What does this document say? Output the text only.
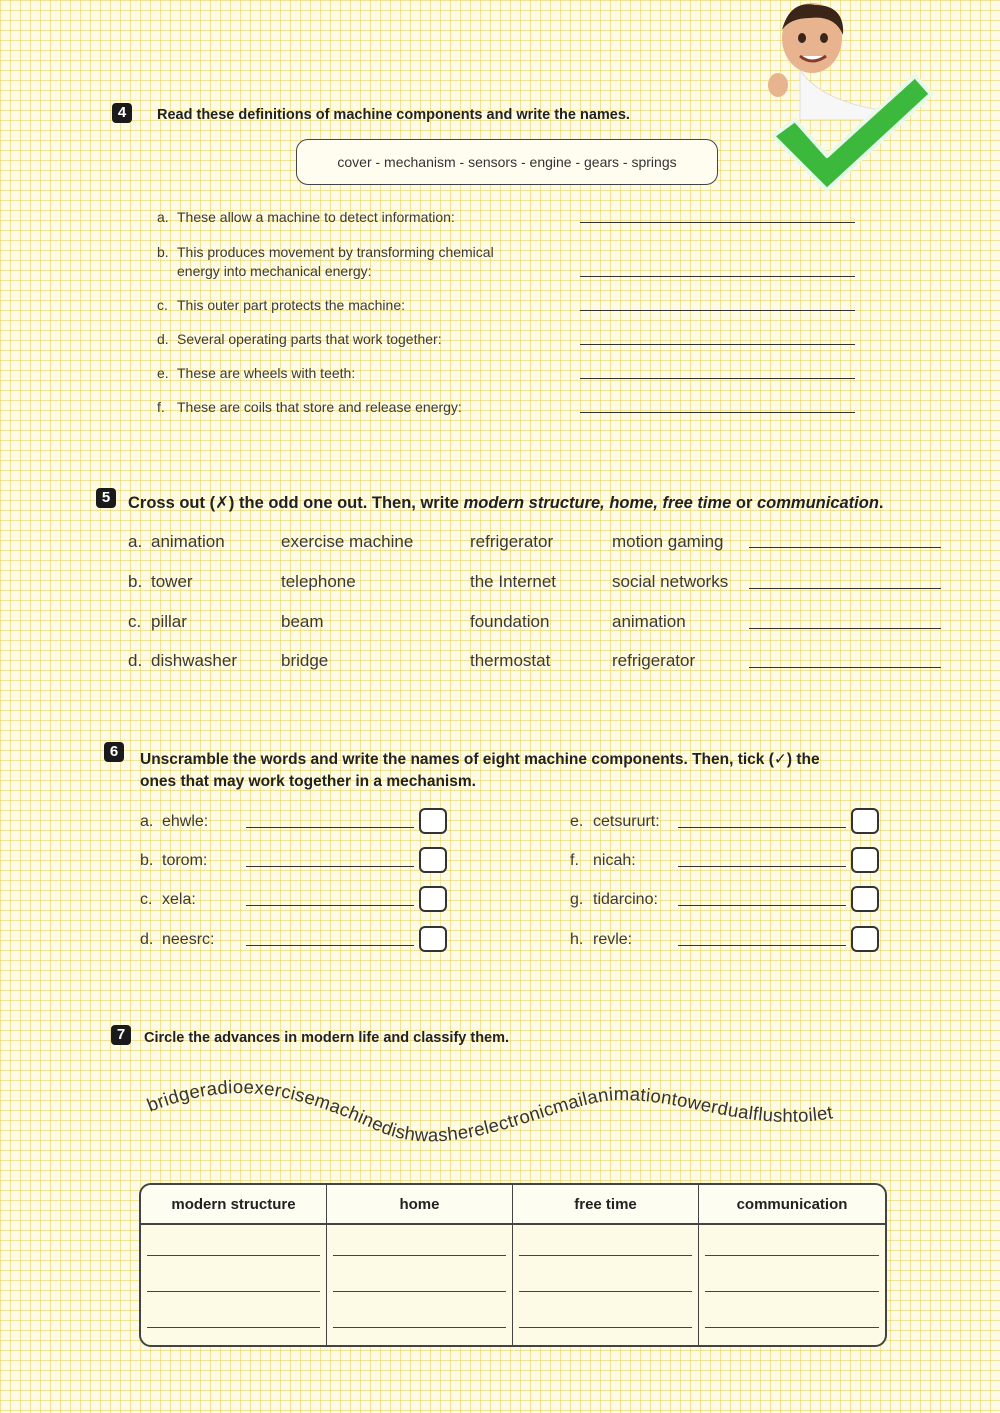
4	Read these definitions of machine components and write the names.
cover - mechanism - sensors - engine - gears - springs
a. These allow a machine to detect information:
b. This produces movement by transforming chemical
energy into mechanical energy:
c. This outer part protects the machine:
d. Several operating parts that work together:
e. These are wheels with teeth:
f. These are coils that store and release energy:
5	Cross out (✗) the odd one out. Then, write modern structure, home, free time or communication.
a. animation	exercise machine	refrigerator	motion gaming
b. tower	telephone	the Internet	social networks
c. pillar	beam	foundation	animation
d. dishwasher	bridge	thermostat	refrigerator
6	Unscramble the words and write the names of eight machine components. Then, tick (✓) the
ones that may work together in a mechanism.
a. ehwle:
b. torom:
c. xela:
d. neesrc:
e. cetsururt:
f. nicah:
g. tidarcino:
h. revle:
7	Circle the advances in modern life and classify them.
bridgeradioexercisemachinedishwasherelectronicmailanimationtowerdualflushtoilet
modern structure	home	free time	communication
